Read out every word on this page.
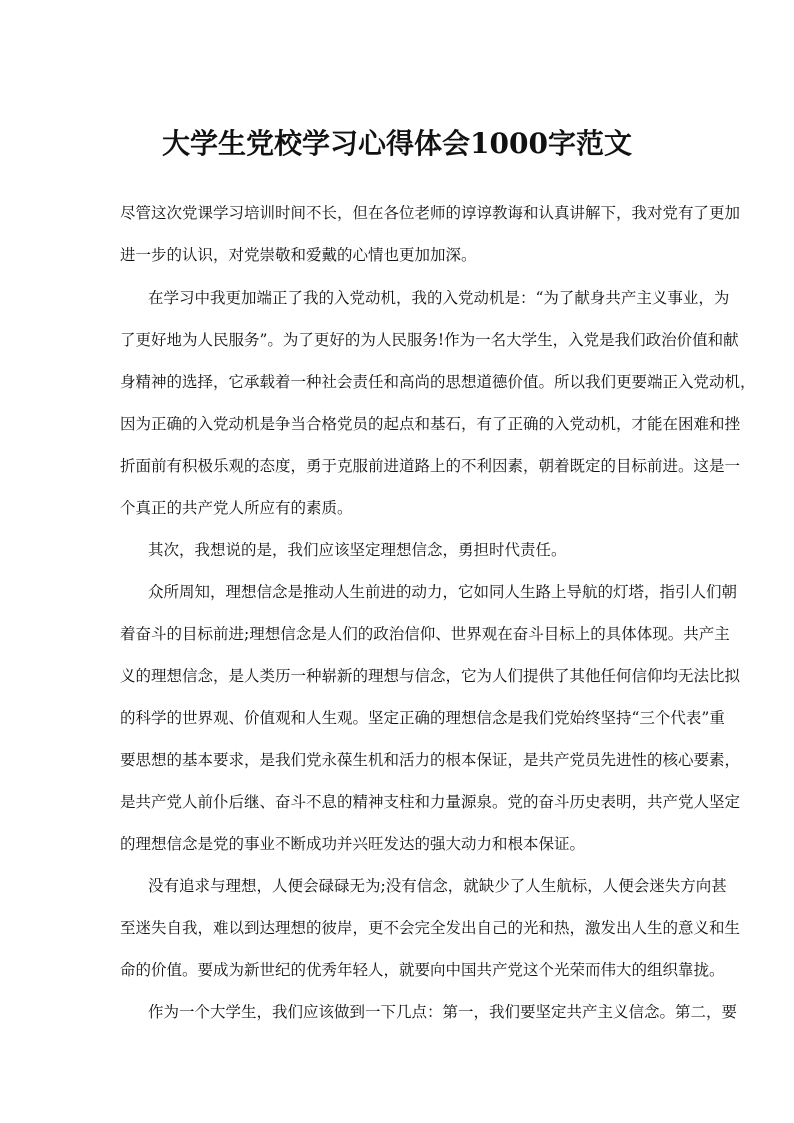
大学生党校学习心得体会1000字范文
尽管这次党课学习培训时间不长，但在各位老师的谆谆教诲和认真讲解下，我对党有了更加
进一步的认识，对党崇敬和爱戴的心情也更加加深。
在学习中我更加端正了我的入党动机，我的入党动机是：“为了献身共产主义事业，为
了更好地为人民服务”。为了更好的为人民服务!作为一名大学生，入党是我们政治价值和献
身精神的选择，它承载着一种社会责任和高尚的思想道德价值。所以我们更要端正入党动机，
因为正确的入党动机是争当合格党员的起点和基石，有了正确的入党动机，才能在困难和挫
折面前有积极乐观的态度，勇于克服前进道路上的不利因素，朝着既定的目标前进。这是一
个真正的共产党人所应有的素质。
其次，我想说的是，我们应该坚定理想信念，勇担时代责任。
众所周知，理想信念是推动人生前进的动力，它如同人生路上导航的灯塔，指引人们朝
着奋斗的目标前进;理想信念是人们的政治信仰、世界观在奋斗目标上的具体体现。共产主
义的理想信念，是人类历一种崭新的理想与信念，它为人们提供了其他任何信仰均无法比拟
的科学的世界观、价值观和人生观。坚定正确的理想信念是我们党始终坚持“三个代表”重
要思想的基本要求，是我们党永葆生机和活力的根本保证，是共产党员先进性的核心要素，
是共产党人前仆后继、奋斗不息的精神支柱和力量源泉。党的奋斗历史表明，共产党人坚定
的理想信念是党的事业不断成功并兴旺发达的强大动力和根本保证。
没有追求与理想，人便会碌碌无为;没有信念，就缺少了人生航标，人便会迷失方向甚
至迷失自我，难以到达理想的彼岸，更不会完全发出自己的光和热，激发出人生的意义和生
命的价值。要成为新世纪的优秀年轻人，就要向中国共产党这个光荣而伟大的组织靠拢。
作为一个大学生，我们应该做到一下几点：第一，我们要坚定共产主义信念。第二，要
